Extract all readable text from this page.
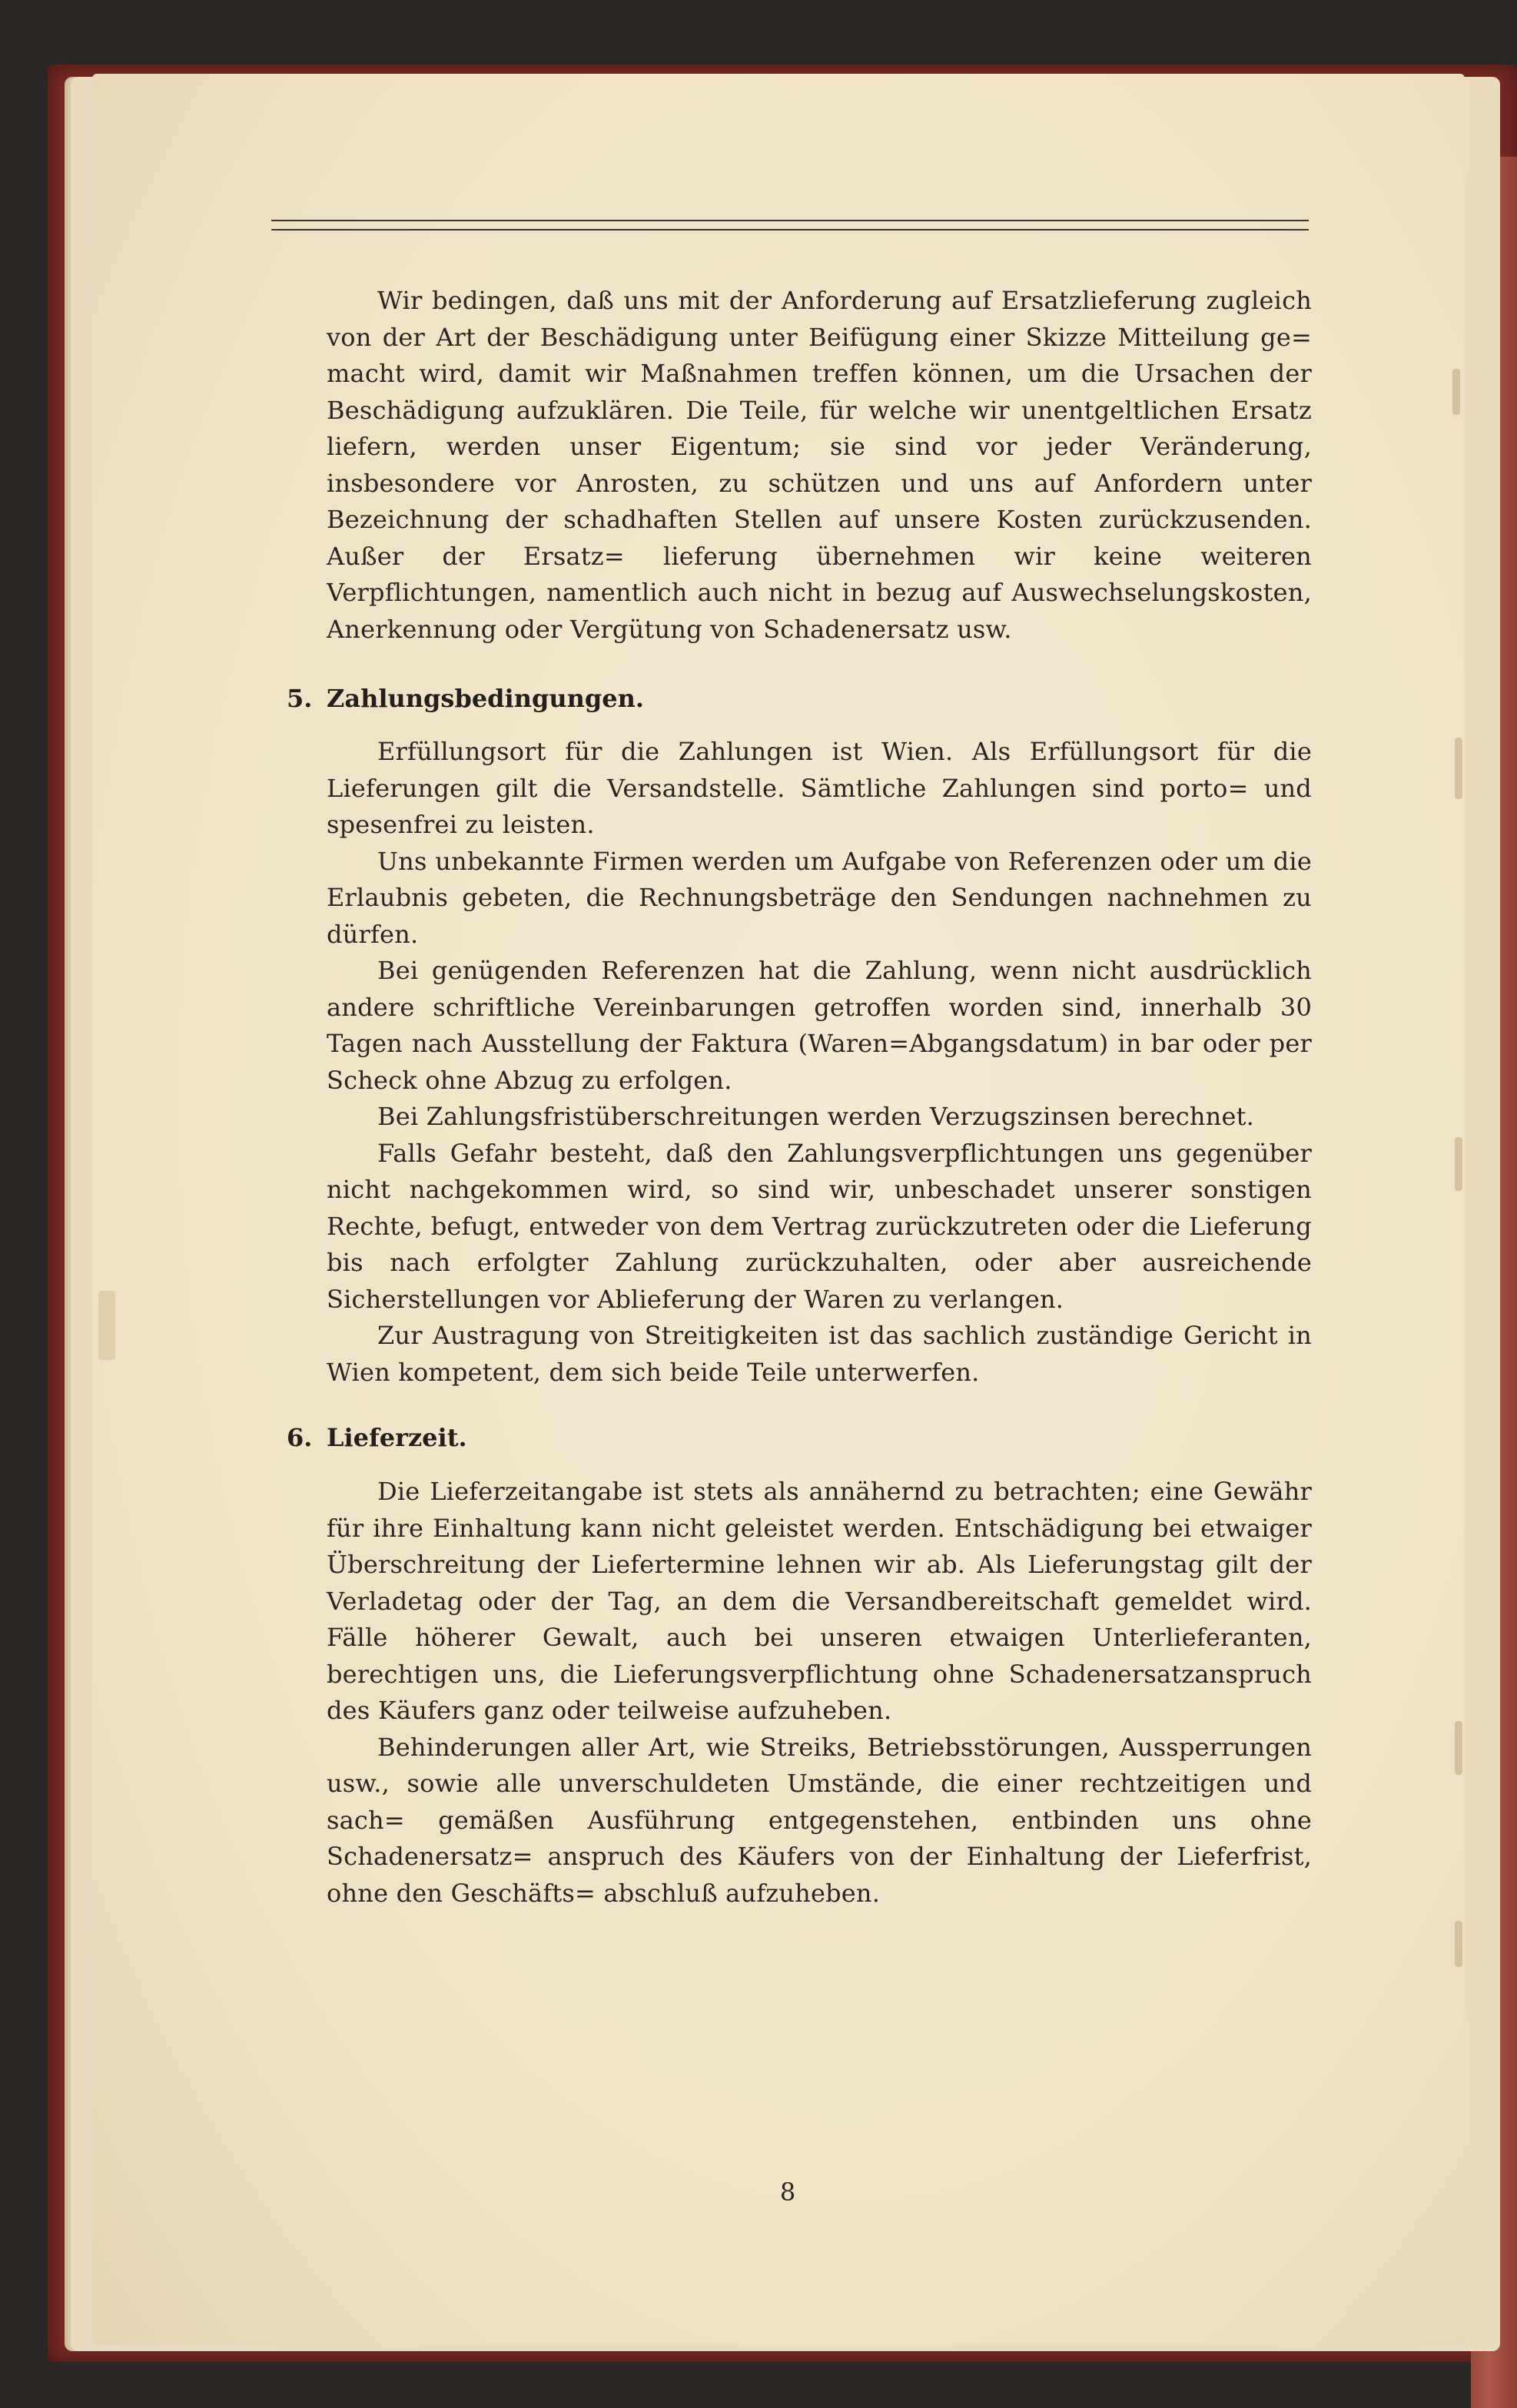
Wir bedingen, daß uns mit der Anforderung auf Ersatzlieferung zugleich von der Art der Beschädigung unter Beifügung einer Skizze Mitteilung ge= macht wird, damit wir Maßnahmen treffen können, um die Ursachen der Beschädigung aufzuklären. Die Teile, für welche wir unentgeltlichen Ersatz liefern, werden unser Eigentum; sie sind vor jeder Veränderung, insbesondere vor Anrosten, zu schützen und uns auf Anfordern unter Bezeichnung der schadhaften Stellen auf unsere Kosten zurückzusenden. Außer der Ersatz= lieferung übernehmen wir keine weiteren Verpflichtungen, namentlich auch nicht in bezug auf Auswechselungskosten, Anerkennung oder Vergütung von Schadenersatz usw.

5. Zahlungsbedingungen.

Erfüllungsort für die Zahlungen ist Wien. Als Erfüllungsort für die Lieferungen gilt die Versandstelle. Sämtliche Zahlungen sind porto= und spesenfrei zu leisten.

Uns unbekannte Firmen werden um Aufgabe von Referenzen oder um die Erlaubnis gebeten, die Rechnungsbeträge den Sendungen nachnehmen zu dürfen.

Bei genügenden Referenzen hat die Zahlung, wenn nicht ausdrücklich andere schriftliche Vereinbarungen getroffen worden sind, innerhalb 30 Tagen nach Ausstellung der Faktura (Waren=Abgangsdatum) in bar oder per Scheck ohne Abzug zu erfolgen.

Bei Zahlungsfristüberschreitungen werden Verzugszinsen berechnet.

Falls Gefahr besteht, daß den Zahlungsverpflichtungen uns gegenüber nicht nachgekommen wird, so sind wir, unbeschadet unserer sonstigen Rechte, befugt, entweder von dem Vertrag zurückzutreten oder die Lieferung bis nach erfolgter Zahlung zurückzuhalten, oder aber ausreichende Sicherstellungen vor Ablieferung der Waren zu verlangen.

Zur Austragung von Streitigkeiten ist das sachlich zuständige Gericht in Wien kompetent, dem sich beide Teile unterwerfen.

6. Lieferzeit.

Die Lieferzeitangabe ist stets als annähernd zu betrachten; eine Gewähr für ihre Einhaltung kann nicht geleistet werden. Entschädigung bei etwaiger Überschreitung der Liefertermine lehnen wir ab. Als Lieferungstag gilt der Verladetag oder der Tag, an dem die Versandbereitschaft gemeldet wird. Fälle höherer Gewalt, auch bei unseren etwaigen Unterlieferanten, berechtigen uns, die Lieferungsverpflichtung ohne Schadenersatzanspruch des Käufers ganz oder teilweise aufzuheben.

Behinderungen aller Art, wie Streiks, Betriebsstörungen, Aussperrungen usw., sowie alle unverschuldeten Umstände, die einer rechtzeitigen und sach= gemäßen Ausführung entgegenstehen, entbinden uns ohne Schadenersatz= anspruch des Käufers von der Einhaltung der Lieferfrist, ohne den Geschäfts= abschluß aufzuheben.

8
